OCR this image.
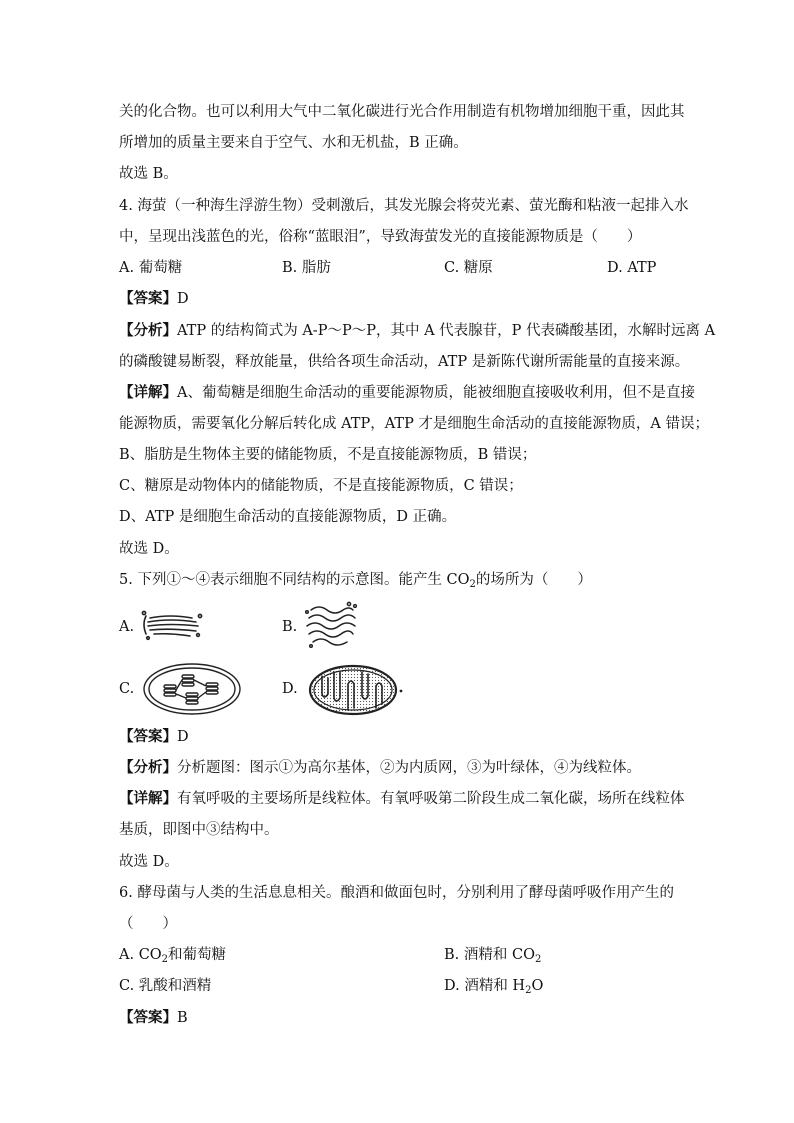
关的化合物。也可以利用大气中二氧化碳进行光合作用制造有机物增加细胞干重，因此其
所增加的质量主要来自于空气、水和无机盐，B 正确。
故选 B。
4. 海萤（一种海生浮游生物）受刺激后，其发光腺会将荧光素、萤光酶和粘液一起排入水
中，呈现出浅蓝色的光，俗称“蓝眼泪”，导致海萤发光的直接能源物质是（　　）
A. 葡萄糖	B. 脂肪	C. 糖原	D. ATP
【答案】D
【分析】ATP 的结构简式为 A-P～P～P，其中 A 代表腺苷，P 代表磷酸基团，水解时远离 A
的磷酸键易断裂，释放能量，供给各项生命活动，ATP 是新陈代谢所需能量的直接来源。
【详解】A、葡萄糖是细胞生命活动的重要能源物质，能被细胞直接吸收利用，但不是直接
能源物质，需要氧化分解后转化成 ATP，ATP 才是细胞生命活动的直接能源物质，A 错误；
B、脂肪是生物体主要的储能物质，不是直接能源物质，B 错误；
C、糖原是动物体内的储能物质，不是直接能源物质，C 错误；
D、ATP 是细胞生命活动的直接能源物质，D 正确。
故选 D。
5. 下列①～④表示细胞不同结构的示意图。能产生 $CO_2$的场所为（　　）
A.	B.
C.	D.
【答案】D
【分析】分析题图：图示①为高尔基体，②为内质网，③为叶绿体，④为线粒体。
【详解】有氧呼吸的主要场所是线粒体。有氧呼吸第二阶段生成二氧化碳，场所在线粒体
基质，即图中③结构中。
故选 D。
6. 酵母菌与人类的生活息息相关。酿酒和做面包时，分别利用了酵母菌呼吸作用产生的
（　　）
A. $CO_2$和葡萄糖	B. 酒精和 $CO_2$
C. 乳酸和酒精	D. 酒精和 $H_2O$
【答案】B
